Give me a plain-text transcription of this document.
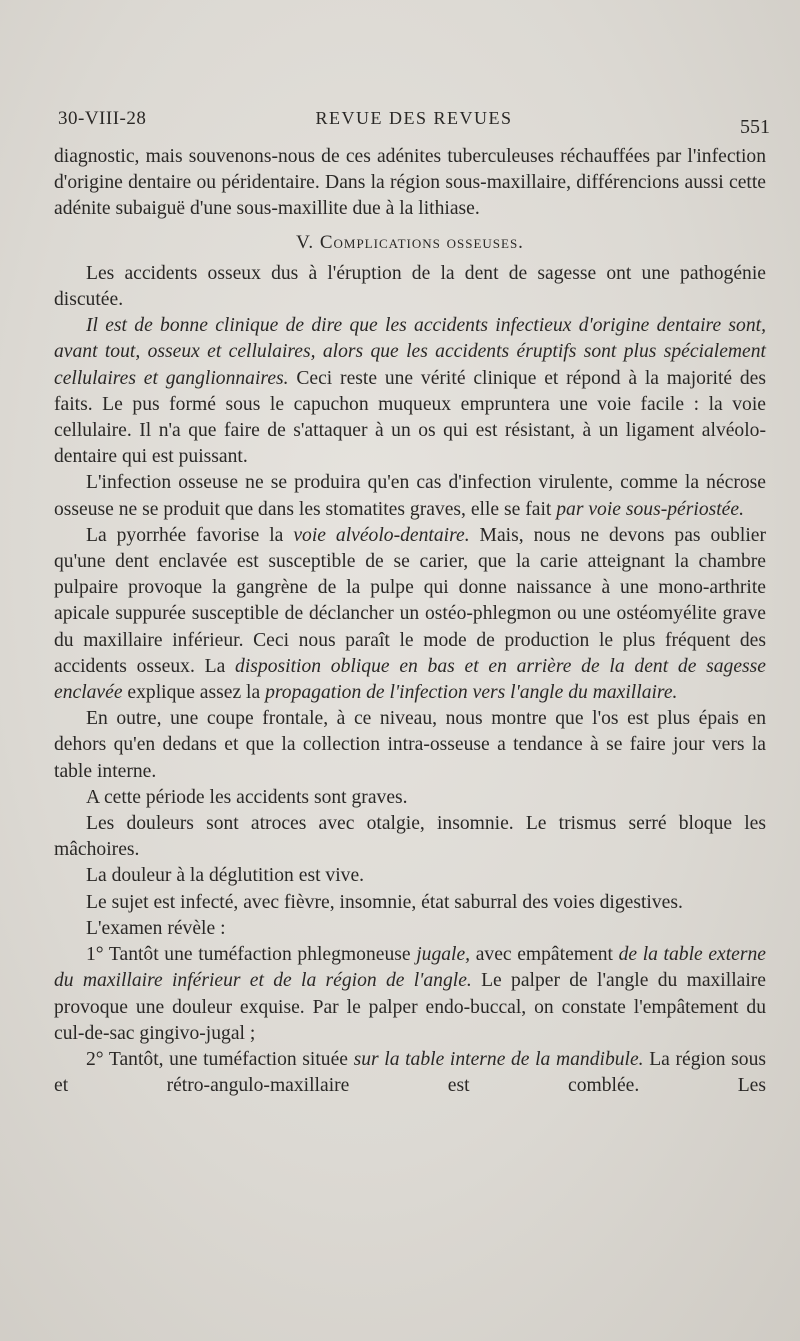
30-VIII-28	REVUE DES REVUES	551

diagnostic, mais souvenons-nous de ces adénites tuberculeuses réchauffées par l'infection d'origine dentaire ou péridentaire. Dans la région sous-maxillaire, différencions aussi cette adénite subaiguë d'une sous-maxillite due à la lithiase.

V. Complications osseuses.

Les accidents osseux dus à l'éruption de la dent de sagesse ont une pathogénie discutée.

Il est de bonne clinique de dire que les accidents infectieux d'origine dentaire sont, avant tout, osseux et cellulaires, alors que les accidents éruptifs sont plus spécialement cellulaires et ganglionnaires. Ceci reste une vérité clinique et répond à la majorité des faits. Le pus formé sous le capuchon muqueux empruntera une voie facile : la voie cellulaire. Il n'a que faire de s'attaquer à un os qui est résistant, à un ligament alvéolo-dentaire qui est puissant.

L'infection osseuse ne se produira qu'en cas d'infection virulente, comme la nécrose osseuse ne se produit que dans les stomatites graves, elle se fait par voie sous-périostée.

La pyorrhée favorise la voie alvéolo-dentaire. Mais, nous ne devons pas oublier qu'une dent enclavée est susceptible de se carier, que la carie atteignant la chambre pulpaire provoque la gangrène de la pulpe qui donne naissance à une mono-arthrite apicale suppurée susceptible de déclancher un ostéo-phlegmon ou une ostéomyélite grave du maxillaire inférieur. Ceci nous paraît le mode de production le plus fréquent des accidents osseux. La disposition oblique en bas et en arrière de la dent de sagesse enclavée explique assez la propagation de l'infection vers l'angle du maxillaire.

En outre, une coupe frontale, à ce niveau, nous montre que l'os est plus épais en dehors qu'en dedans et que la collection intra-osseuse a tendance à se faire jour vers la table interne.

A cette période les accidents sont graves.

Les douleurs sont atroces avec otalgie, insomnie. Le trismus serré bloque les mâchoires.

La douleur à la déglutition est vive.

Le sujet est infecté, avec fièvre, insomnie, état saburral des voies digestives.

L'examen révèle :

1° Tantôt une tuméfaction phlegmoneuse jugale, avec empâtement de la table externe du maxillaire inférieur et de la région de l'angle. Le palper de l'angle du maxillaire provoque une douleur exquise. Par le palper endo-buccal, on constate l'empâtement du cul-de-sac gingivo-jugal ;

2° Tantôt, une tuméfaction située sur la table interne de la mandibule. La région sous et rétro-angulo-maxillaire est comblée. Les
